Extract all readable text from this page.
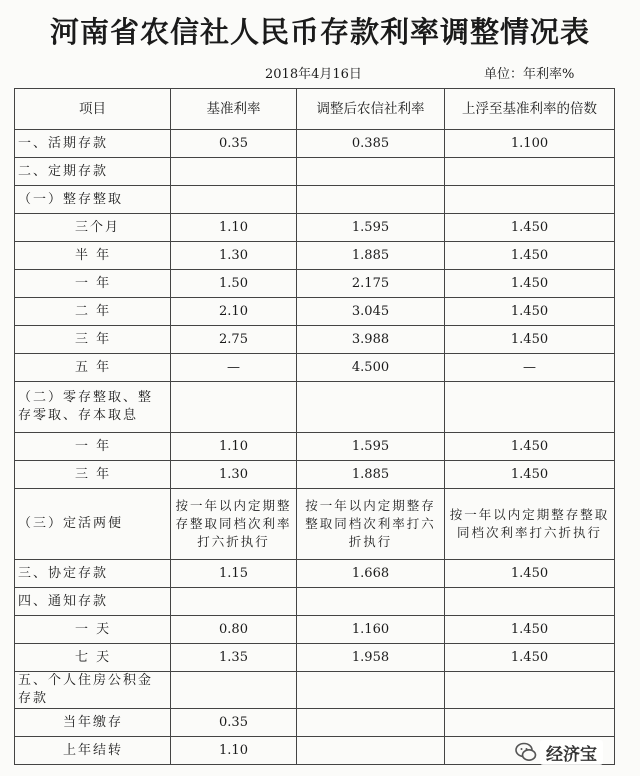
河南省农信社人民币存款利率调整情况表
2018年4月16日	单位：年利率%
项目	基准利率	调整后农信社利率	上浮至基准利率的倍数
一、活期存款	0.35	0.385	1.100
二、定期存款			
（一）整存整取			
三个月	1.10	1.595	1.450
半 年	1.30	1.885	1.450
一 年	1.50	2.175	1.450
二 年	2.10	3.045	1.450
三 年	2.75	3.988	1.450
五 年	—	4.500	—
（二）零存整取、整存零取、存本取息			
一 年	1.10	1.595	1.450
三 年	1.30	1.885	1.450
（三）定活两便	按一年以内定期整存整取同档次利率打六折执行	按一年以内定期整存整取同档次利率打六折执行	按一年以内定期整存整取同档次利率打六折执行
三、协定存款	1.15	1.668	1.450
四、通知存款			
一 天	0.80	1.160	1.450
七 天	1.35	1.958	1.450
五、个人住房公积金存款			
当年缴存	0.35		
上年结转	1.10			经济宝
